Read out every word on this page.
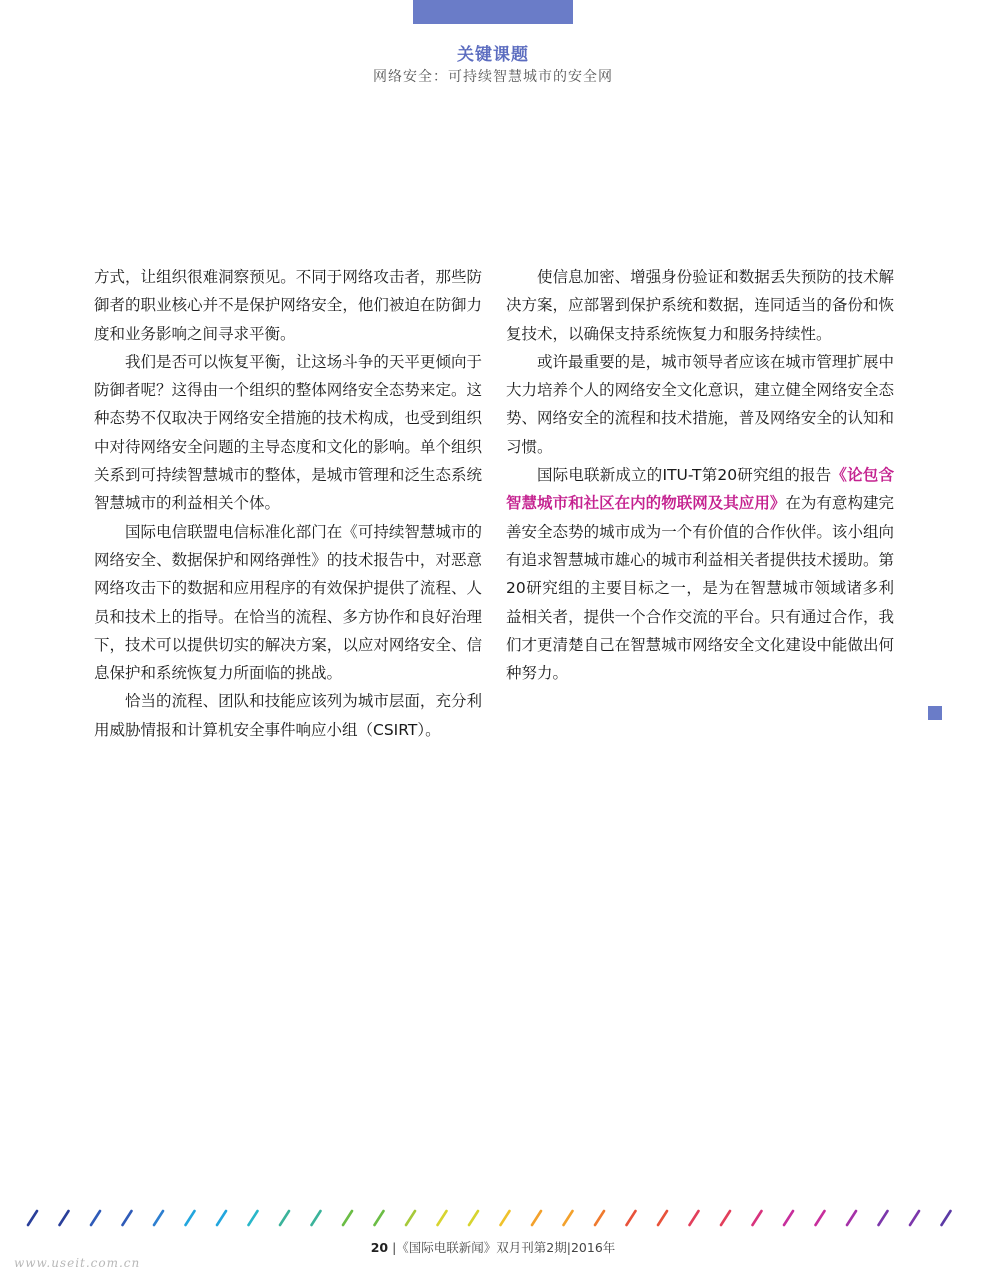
关键课题
网络安全：可持续智慧城市的安全网

方式，让组织很难洞察预见。不同于网络攻击者，那些防御者的职业核心并不是保护网络安全，他们被迫在防御力度和业务影响之间寻求平衡。

我们是否可以恢复平衡，让这场斗争的天平更倾向于防御者呢？这得由一个组织的整体网络安全态势来定。这种态势不仅取决于网络安全措施的技术构成，也受到组织中对待网络安全问题的主导态度和文化的影响。单个组织关系到可持续智慧城市的整体，是城市管理和泛生态系统智慧城市的利益相关个体。

国际电信联盟电信标准化部门在《可持续智慧城市的网络安全、数据保护和网络弹性》的技术报告中，对恶意网络攻击下的数据和应用程序的有效保护提供了流程、人员和技术上的指导。在恰当的流程、多方协作和良好治理下，技术可以提供切实的解决方案，以应对网络安全、信息保护和系统恢复力所面临的挑战。

恰当的流程、团队和技能应该列为城市层面，充分利用威胁情报和计算机安全事件响应小组（CSIRT）。

使信息加密、增强身份验证和数据丢失预防的技术解决方案，应部署到保护系统和数据，连同适当的备份和恢复技术，以确保支持系统恢复力和服务持续性。

或许最重要的是，城市领导者应该在城市管理扩展中大力培养个人的网络安全文化意识，建立健全网络安全态势、网络安全的流程和技术措施，普及网络安全的认知和习惯。

国际电联新成立的ITU-T第20研究组的报告《论包含智慧城市和社区在内的物联网及其应用》在为有意构建完善安全态势的城市成为一个有价值的合作伙伴。该小组向有追求智慧城市雄心的城市利益相关者提供技术援助。第20研究组的主要目标之一，是为在智慧城市领域诸多利益相关者，提供一个合作交流的平台。只有通过合作，我们才更清楚自己在智慧城市网络安全文化建设中能做出何种努力。

20 |《国际电联新闻》双月刊第2期|2016年
www.useit.com.cn
